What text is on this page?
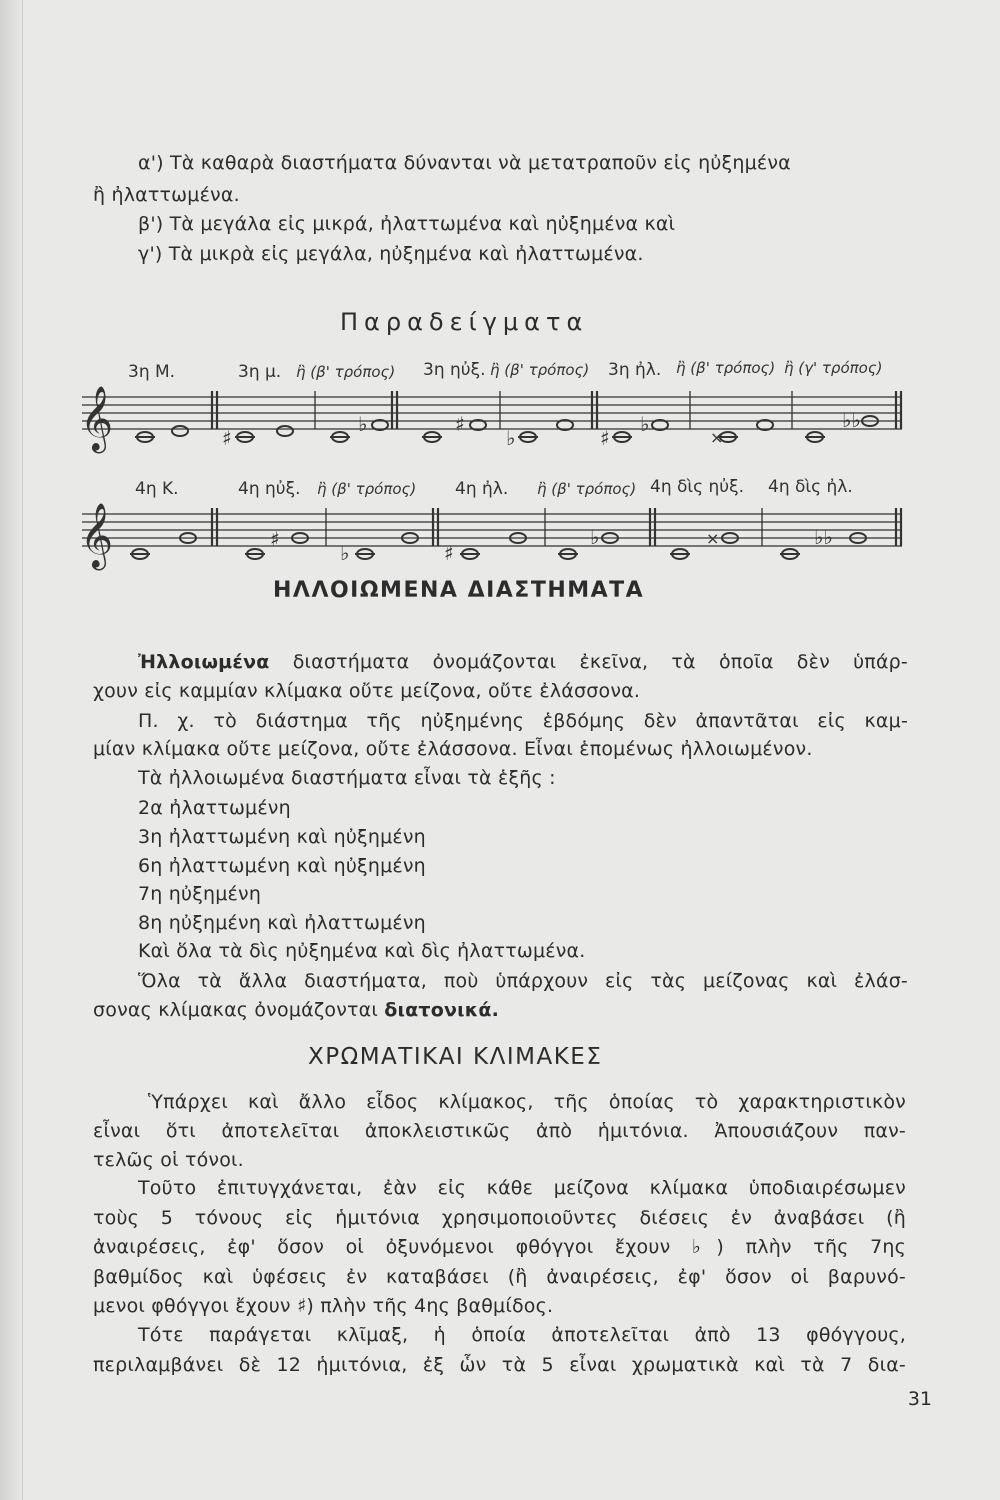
α') Τὰ καθαρὰ διαστήματα δύνανται νὰ μετατραποῦν εἰς ηὐξημένα
ἢ ἠλαττωμένα.
β') Τὰ μεγάλα εἰς μικρά, ἠλαττωμένα καὶ ηὐξημένα καὶ
γ') Τὰ μικρὰ εἰς μεγάλα, ηὐξημένα καὶ ἠλαττωμένα.
Παραδείγματα
𝄞	♯
♭	♯
♭	♯
♭
×
♭♭
3η Μ.	3η μ. ἢ (β' τρόπος) 3η ηὐξ. ἢ (β' τρόπος) 3η ἠλ. ἢ (β' τρόπος) ἢ (γ' τρόπος)
𝄞	♯
♭	♯
♭	×	♭♭
4η Κ.	4η ηὐξ. ἢ (β' τρόπος) 4η ἠλ. ἢ (β' τρόπος) 4η δὶς ηὐξ. 4η δὶς ἠλ.
ΗΛΛΟΙΩΜΕΝΑ ΔΙΑΣΤΗΜΑΤΑ
Ἠλλοιωμένα διαστήματα ὀνομάζονται ἐκεῖνα, τὰ ὁποῖα δὲν ὑπάρ-
χουν εἰς καμμίαν κλίμακα οὔτε μείζονα, οὔτε ἐλάσσονα.
Π. χ. τὸ διάστημα τῆς ηὐξημένης ἑβδόμης δὲν ἀπαντᾶται εἰς καμ-
μίαν κλίμακα οὔτε μείζονα, οὔτε ἐλάσσονα. Εἶναι ἑπομένως ἠλλοιωμένον.
Τὰ ἠλλοιωμένα διαστήματα εἶναι τὰ ἑξῆς :
2α ἠλαττωμένη
3η ἠλαττωμένη καὶ ηὐξημένη
6η ἠλαττωμένη καὶ ηὐξημένη
7η ηὐξημένη
8η ηὐξημένη καὶ ἠλαττωμένη
Καὶ ὅλα τὰ δὶς ηὐξημένα καὶ δὶς ἠλαττωμένα.
Ὅλα τὰ ἄλλα διαστήματα, ποὺ ὑπάρχουν εἰς τὰς μείζονας καὶ ἐλάσ-
σονας κλίμακας ὀνομάζονται διατονικά.
ΧΡΩΜΑΤΙΚΑΙ ΚΛΙΜΑΚΕΣ
Ὑπάρχει καὶ ἄλλο εἶδος κλίμακος, τῆς ὁποίας τὸ χαρακτηριστικὸν
εἶναι ὅτι ἀποτελεῖται ἀποκλειστικῶς ἀπὸ ἡμιτόνια. Ἀπουσιάζουν παν-
τελῶς οἱ τόνοι.
Τοῦτο ἐπιτυγχάνεται, ἐὰν εἰς κάθε μείζονα κλίμακα ὑποδιαιρέσωμεν
τοὺς 5 τόνους εἰς ἡμιτόνια χρησιμοποιοῦντες διέσεις ἐν ἀναβάσει (ἢ
ἀναιρέσεις, ἐφ' ὅσον οἱ ὀξυνόμενοι φθόγγοι ἔχουν ♭) πλὴν τῆς 7ης
βαθμίδος καὶ ὑφέσεις ἐν καταβάσει (ἢ ἀναιρέσεις, ἐφ' ὅσον οἱ βαρυνό-
μενοι φθόγγοι ἔχουν ♯) πλὴν τῆς 4ης βαθμίδος.
Τότε παράγεται κλῖμαξ, ἡ ὁποία ἀποτελεῖται ἀπὸ 13 φθόγγους,
περιλαμβάνει δὲ 12 ἡμιτόνια, ἐξ ὧν τὰ 5 εἶναι χρωματικὰ καὶ τὰ 7 δια-
31
